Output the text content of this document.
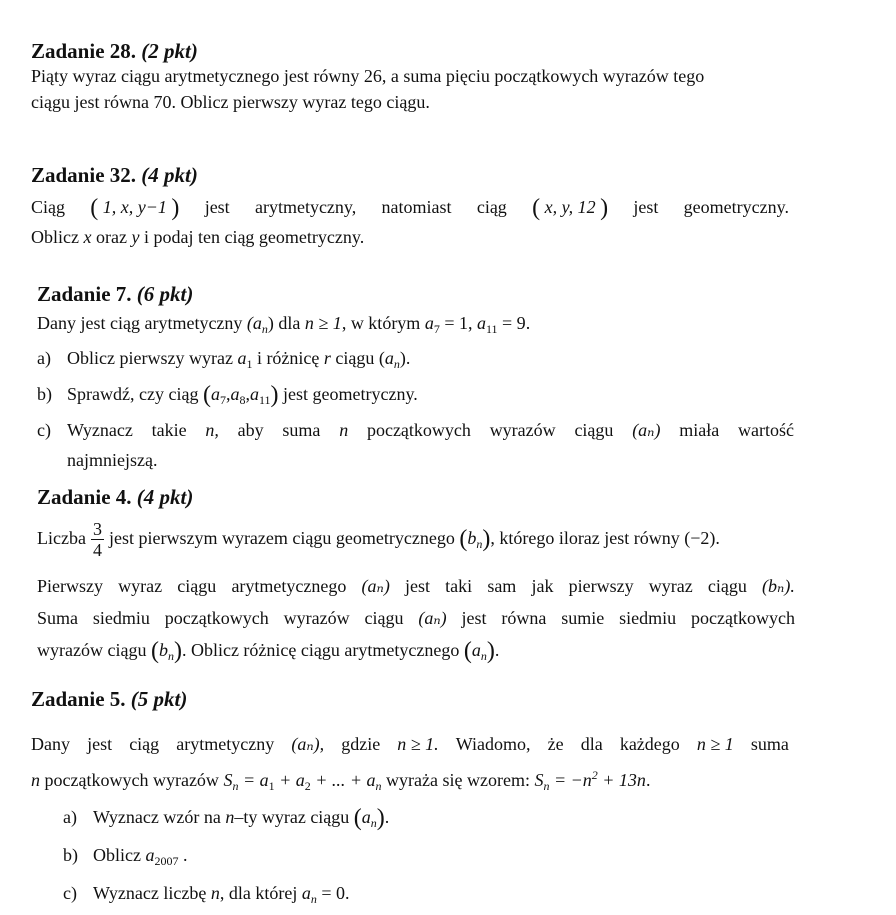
Zadanie 28. (2 pkt)
Piąty wyraz ciągu arytmetycznego jest równy 26, a suma pięciu początkowych wyrazów tego
ciągu jest równa 70. Oblicz pierwszy wyraz tego ciągu.
Zadanie 32. (4 pkt)
Ciąg ( 1, x, y−1 ) jest arytmetyczny, natomiast ciąg ( x, y, 12 ) jest geometryczny.
Oblicz x oraz y i podaj ten ciąg geometryczny.
Zadanie 7. (6 pkt)
Dany jest ciąg arytmetyczny $(a_n)$ dla n ≥ 1, w którym $a_7 = 1$, $a_{11} = 9$.
a) Oblicz pierwszy wyraz $a_1$ i różnicę r ciągu $(a_n)$.
b) Sprawdź, czy ciąg $(a_7,a_8,a_{11})$ jest geometryczny.
c) Wyznacz takie n, aby suma n początkowych wyrazów ciągu (aₙ) miała wartość
najmniejszą.
Zadanie 4. (4 pkt)
Liczba $\frac{3}{4}$ jest pierwszym wyrazem ciągu geometrycznego $(b_n)$, którego iloraz jest równy (−2).
Pierwszy wyraz ciągu arytmetycznego (aₙ) jest taki sam jak pierwszy wyraz ciągu (bₙ).
Suma siedmiu początkowych wyrazów ciągu (aₙ) jest równa sumie siedmiu początkowych
wyrazów ciągu $(b_n)$. Oblicz różnicę ciągu arytmetycznego $(a_n)$.
Zadanie 5. (5 pkt)
Dany jest ciąg arytmetyczny (aₙ), gdzie n ≥ 1. Wiadomo, że dla każdego n ≥ 1 suma
n początkowych wyrazów $S_n = a_1 + a_2$ + ... + $a_n$ wyraża się wzorem: $S_n = -n^2 + 13n$.
a) Wyznacz wzór na n–ty wyraz ciągu $(a_n)$.
b) Oblicz $a_{2007}$ .
c) Wyznacz liczbę n, dla której $a_n = 0$.
